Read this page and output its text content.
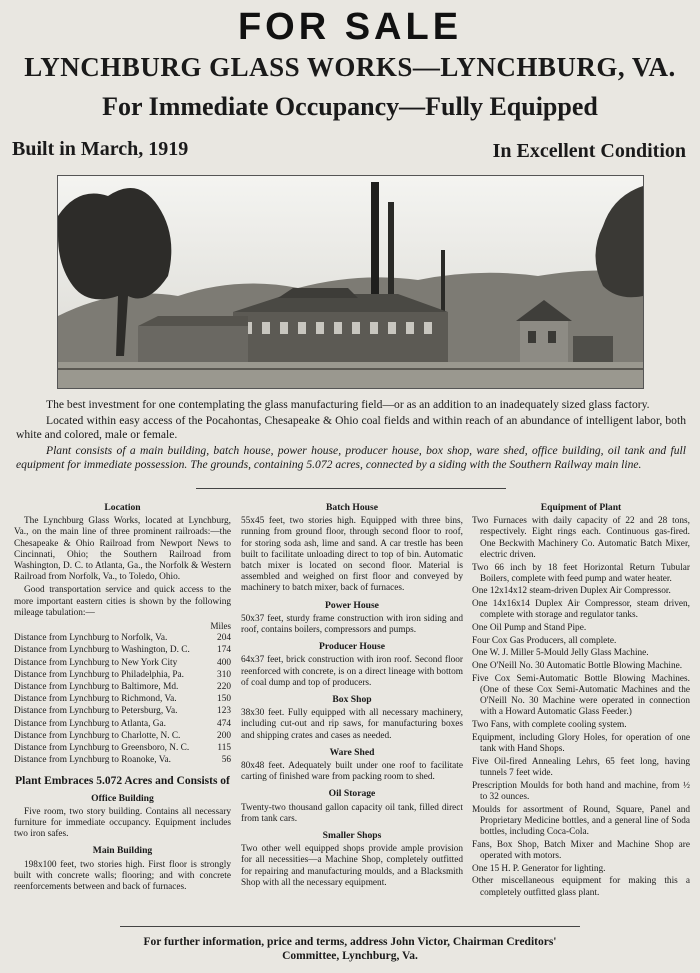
FOR SALE
LYNCHBURG GLASS WORKS—LYNCHBURG, VA.
For Immediate Occupancy—Fully Equipped
Built in March, 1919	In Excellent Condition

The best investment for one contemplating the glass manufacturing field—or as an addition to an inadequately sized glass factory.

Located within easy access of the Pocahontas, Chesapeake & Ohio coal fields and within reach of an abundance of intelligent labor, both white and colored, male or female.

Plant consists of a main building, batch house, power house, producer house, box shop, ware shed, office building, oil tank and full equipment for immediate possession. The grounds, containing 5.072 acres, connected by a siding with the Southern Railway main line.

Location

The Lynchburg Glass Works, located at Lynchburg, Va., on the main line of three prominent railroads:—the Chesapeake & Ohio Railroad from Newport News to Cincinnati, Ohio; the Southern Railroad from Washington, D. C. to Atlanta, Ga., the Norfolk & Western Railroad from Norfolk, Va., to Toledo, Ohio.

Good transportation service and quick access to the more important eastern cities is shown by the following mileage tabulation:—

Miles
Distance from Lynchburg to Norfolk, Va.	204
Distance from Lynchburg to Washington, D. C.	174
Distance from Lynchburg to New York City	400
Distance from Lynchburg to Philadelphia, Pa.	310
Distance from Lynchburg to Baltimore, Md.	220
Distance from Lynchburg to Richmond, Va.	150
Distance from Lynchburg to Petersburg, Va.	123
Distance from Lynchburg to Atlanta, Ga.	474
Distance from Lynchburg to Charlotte, N. C.	200
Distance from Lynchburg to Greensboro, N. C.	115
Distance from Lynchburg to Roanoke, Va.	56
Plant Embraces 5.072 Acres and Consists of
Office Building

Five room, two story building. Contains all necessary furniture for immediate occupancy. Equipment includes two iron safes.

Main Building

198x100 feet, two stories high. First floor is strongly built with concrete walls; flooring; and with concrete reenforcements between and back of furnaces.

Batch House

55x45 feet, two stories high. Equipped with three bins, running from ground floor, through second floor to roof, for storing soda ash, lime and sand. A car trestle has been built to facilitate unloading direct to top of bin. Automatic batch mixer is located on second floor. Material is assembled and weighed on first floor and conveyed by machinery to batch mixer, back of furnaces.

Power House

50x37 feet, sturdy frame construction with iron siding and roof, contains boilers, compressors and pumps.

Producer House

64x37 feet, brick construction with iron roof. Second floor reenforced with concrete, is on a direct lineage with bottom of coal dump and top of producers.

Box Shop

38x30 feet. Fully equipped with all necessary machinery, including cut-out and rip saws, for manufacturing boxes and shipping crates and cases as needed.

Ware Shed

80x48 feet. Adequately built under one roof to facilitate carting of finished ware from packing room to shed.

Oil Storage

Twenty-two thousand gallon capacity oil tank, filled direct from tank cars.

Smaller Shops

Two other well equipped shops provide ample provision for all necessities—a Machine Shop, completely outfitted for repairing and manufacturing moulds, and a Blacksmith Shop with all the necessary equipment.

Equipment of Plant

Two Furnaces with daily capacity of 22 and 28 tons, respectively. Eight rings each. Continuous gas-fired. One Beckwith Machinery Co. Automatic Batch Mixer, electric driven.

Two 66 inch by 18 feet Horizontal Return Tubular Boilers, complete with feed pump and water heater.

One 12x14x12 steam-driven Duplex Air Compressor.

One 14x16x14 Duplex Air Compressor, steam driven, complete with storage and regulator tanks.

One Oil Pump and Stand Pipe.

Four Cox Gas Producers, all complete.

One W. J. Miller 5-Mould Jelly Glass Machine.

One O'Neill No. 30 Automatic Bottle Blowing Machine.

Five Cox Semi-Automatic Bottle Blowing Machines. (One of these Cox Semi-Automatic Machines and the O'Neill No. 30 Machine were operated in connection with a Howard Automatic Glass Feeder.)

Two Fans, with complete cooling system.

Equipment, including Glory Holes, for operation of one tank with Hand Shops.

Five Oil-fired Annealing Lehrs, 65 feet long, having tunnels 7 feet wide.

Prescription Moulds for both hand and machine, from ½ to 32 ounces.

Moulds for assortment of Round, Square, Panel and Proprietary Medicine bottles, and a general line of Soda bottles, including Coca-Cola.

Fans, Box Shop, Batch Mixer and Machine Shop are operated with motors.

One 15 H. P. Generator for lighting.

Other miscellaneous equipment for making this a completely outfitted glass plant.

For further information, price and terms, address John Victor, Chairman Creditors' Committee, Lynchburg, Va.
